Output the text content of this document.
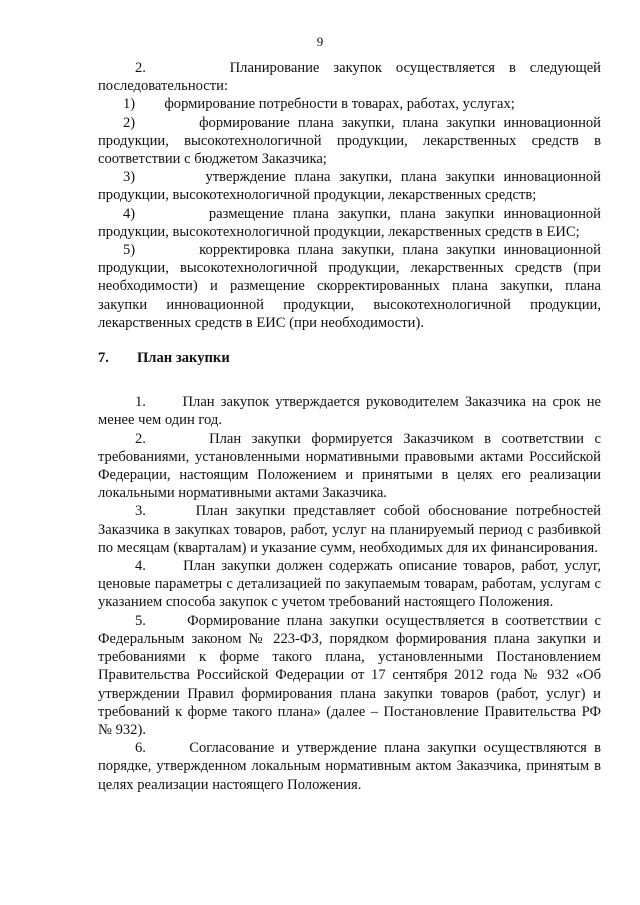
9

2.      Планирование закупок осуществляется в следующей последовательности:

1)        формирование потребности в товарах, работах, услугах;

2)        формирование плана закупки, плана закупки инновационной продукции, высокотехнологичной продукции, лекарственных средств в соответствии с бюджетом Заказчика;

3)        утверждение плана закупки, плана закупки инновационной продукции, высокотехнологичной продукции, лекарственных средств;

4)        размещение плана закупки, плана закупки инновационной продукции, высокотехнологичной продукции, лекарственных средств в ЕИС;

5)        корректировка плана закупки, плана закупки инновационной продукции, высокотехнологичной продукции, лекарственных средств (при необходимости) и размещение скорректированных плана закупки, плана закупки инновационной продукции, высокотехнологичной продукции, лекарственных средств в ЕИС (при необходимости).

7. План закупки

1.      План закупок утверждается руководителем Заказчика на срок не менее чем один год.

2.      План закупки формируется Заказчиком в соответствии с требованиями, установленными нормативными правовыми актами Российской Федерации, настоящим Положением и принятыми в целях его реализации локальными нормативными актами Заказчика.

3.      План закупки представляет собой обоснование потребностей Заказчика в закупках товаров, работ, услуг на планируемый период с разбивкой по месяцам (кварталам) и указание сумм, необходимых для их финансирования.

4.      План закупки должен содержать описание товаров, работ, услуг, ценовые параметры с детализацией по закупаемым товарам, работам, услугам с указанием способа закупок с учетом требований настоящего Положения.

5.      Формирование плана закупки осуществляется в соответствии с Федеральным законом № 223-ФЗ, порядком формирования плана закупки и требованиями к форме такого плана, установленными Постановлением Правительства Российской Федерации от 17 сентября 2012 года № 932 «Об утверждении Правил формирования плана закупки товаров (работ, услуг) и требований к форме такого плана» (далее – Постановление Правительства РФ № 932).

6.      Согласование и утверждение плана закупки осуществляются в порядке, утвержденном локальным нормативным актом Заказчика, принятым в целях реализации настоящего Положения.
